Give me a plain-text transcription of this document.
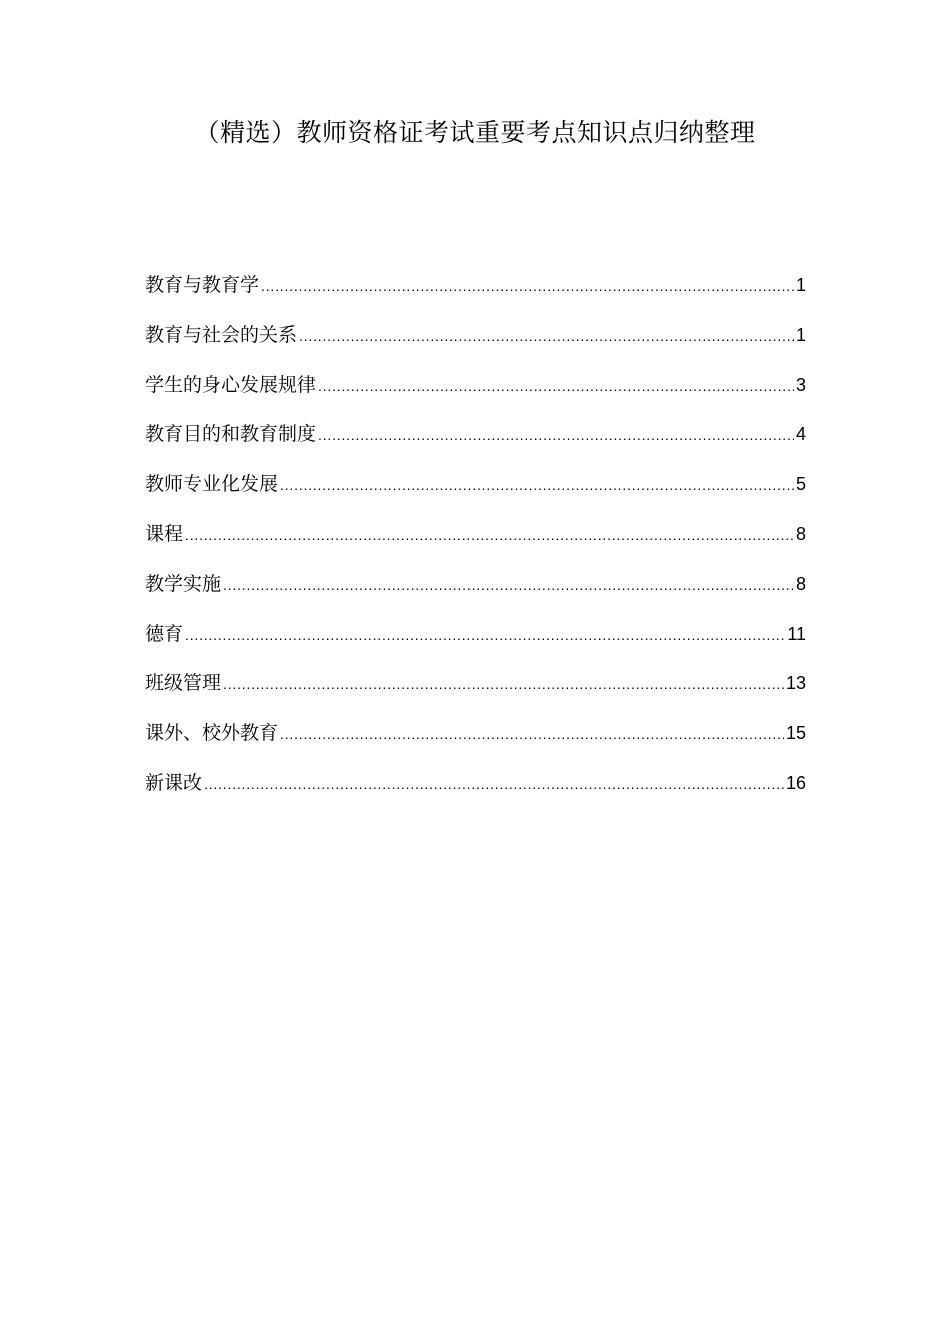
（精选）教师资格证考试重要考点知识点归纳整理
教育与教育学 .....	1
教育与社会的关系 .....	1
学生的身心发展规律 .....	3
教育目的和教育制度 .....	4
教师专业化发展 .....	5
课程 .....	8
教学实施 .....	8
德育 .....	11
班级管理 .....	13
课外、校外教育 .....	15
新课改 .....	16
